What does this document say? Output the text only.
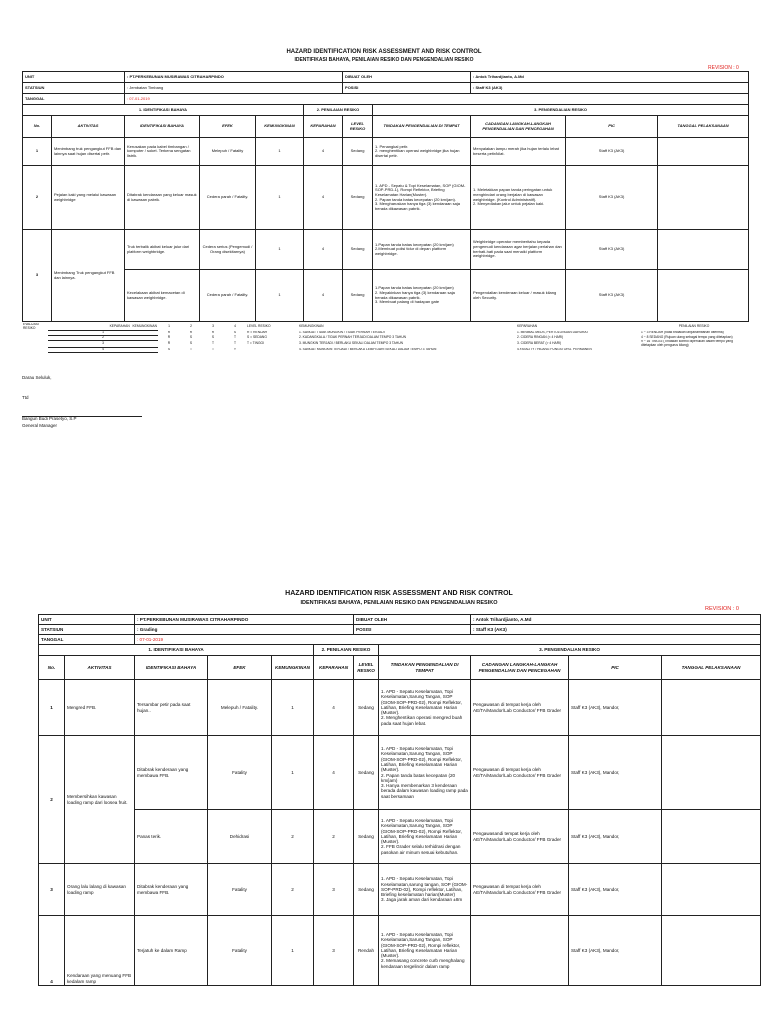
HAZARD IDENTIFICATION RISK ASSESSMENT AND RISK CONTROL
IDENTIFIKASI BAHAYA, PENILAIAN RESIKO DAN PENGENDALIAN RESIKO
REVISION : 0
UNIT		: PT.PERKEBUNAN MUSIRAWAS CITRAHARPINDO				DIBUAT OLEH		: Antok Trihardjianto, A.Md		
STATSIUN		: Jembatan Timbang				POSISI		: Staff K3 (AK3)		
TANGGAL		: 07-01-2019								
1. IDENTIFIKASI BAHAYA					2. PENILAIAN RESIKO		3. PENGENDALIAN RESIKO			
No.	AKTIVITAS	IDENTIFIKASI BAHAYA	EFEK	KEMUNGKINAN	KEPARAHAN	LEVEL RESIKO	TINDAKAN PENGENDALIAN DI TEMPAT	CADANGAN LANGKAH-LANGKAH PENGENDALIAN DAN PENCEGAHAN	PIC	TANGGAL PELAKSANAAN
1	Menimbang truk pengangkut FFB dan lainnya saat hujan disertai petir.	Kerusakan pada kabel timbangan / komputer / soket. Terkena sengatan listrik.	Melepuh / Fatality	1	4	Sedang	1. Penangkal petir.
2. menghentikan operasi weighbridge jika hujan disertai petir.	Menyalakan lampu merah jika hujan terlalu lebat beserta petir/kilat.	Staff K3 (AK3)	
2	Pejalan kaki yang melalui kawasan weighbridge	Ditabrak kendaraan yang keluar masuk di kawasan pabrik.	Cedera parah / Fatality.	1	4	Sedang	1. APD - Sepatu & Topi Keselamatan, SOP (GIOM-SOP-PRD-1), Rompi Reflektor, Briefing Keselamatan Harian(Muster).
2. Papan tanda batas kecepatan (20 km/jam).
3. Mengharuskan hanya tiga (3) kendaraan saja berada dikawasan pabrik.	1. Meletakkan papan tanda peringatan untuk menghindari orang berjalan di kawasan weighbridge. (Kontrol Administratif).
2. Menyediakan jalur untuk pejalan kaki.	Staff K3 (AK3)	
3	Menimbang Truk pengangkut FFB dan lainnya.	Truk terbalik akibat keluar jalur dari platform weighbridge.	Cedera serius (Pengemudi / Orang disekitarnya)	1	4	Sedang	1.Papan tanda batas kecepatan (20 km/jam)
2.Membuat polisi tidur di depan platform weighbridge.	Weighbridge operator memberitahu kepada pengemudi kendaraan agar berjalan perlahan dan berhati-hati pada saat menaiki platform weighbridge.	Staff K3 (AK3)	
		Kecelakaan akibat kemacetan di kawasan weighbridge.	Cedera parah / Fatality.	1	4	Sedang	1.Papan tanda batas kecepatan (20 km/jam)
2. Meyakinkan hanya tiga (3) kendaraan saja berada dikawasan pabrik.
3. Membuat palang di hadapan gate	Pengendalian kenderaan keluar / masuk kilang oleh Security.	Staff K3 (AK3)	
EVALUASI RESIKO	KEPARAHAN KEMUNGKINAN	1	2	3	4	LEVEL RESIKO	KEMUNGKINAN	KEPARAHAN	PENILAIAN RESIKO
	1	R	R	R	S	R = RENDAH	1. SANGAT TIDAK MUNGKIN / TIDAK PERNAH TERJADI	1. MINIMAL MEDS, PERTOLONGAN DARURAT	1 ~ 3 RENDAH (tidak tindakan lanjut/tambahan diterima)
	2	R	S	S	T	S = SEDANG	2. KADANGKALA / TIDAK PERNAH TERJADI DALAM TEMPO 3 TAHUN	2. CIDERA RINGAN (< 4 HARI)	4 ~ 8 SEDANG (Rujuan ulang sebagai tempo yang ditetapkan)
	3	R	S	T	T	T = TINGGI	3. MUNGKIN TERJADI / BERLAKU SEKALI DALAM TEMPO 3 TAHUN	3. CIDERA BERAT (> 4 HARI)	9 ~ 16 TINGGI (Tindakan kontrol diperlukan dalam tempo yang ditetapkan oleh pengurus kilang)
	4	S	T	T	Y		4. SANGAT MUNGKIN TERJADI / BERLAKU LEBIH DARI SEKALI DALAM TEMPO 3 TAHUN	4.FATALITY / HILANG FUNGSI ORG. PERMANEN	
Darau Seluluk,
Ttd
Bangun Budi Prasetyo, S.P
General Manager
HAZARD IDENTIFICATION RISK ASSESSMENT AND RISK CONTROL
IDENTIFIKASI BAHAYA, PENILAIAN RESIKO DAN PENGENDALIAN RESIKO
REVISION : 0
UNIT		: PT.PERKEBUNAN MUSIRAWAS CITRAHARPINDO				DIBUAT OLEH		: Antok Trihardjianto, A.Md		
STATSIUN		: Grading				POSISI		: Staff K3 (AK3)		
TANGGAL		: 07-01-2019								
1. IDENTIFIKASI BAHAYA					2. PENILAIAN RESIKO		3. PENGENDALIAN RESIKO			
No.	AKTIVITAS	IDENTIFIKASI BAHAYA	EFEK	KEMUNGKINAN	KEPARAHAN	LEVEL RESIKO	TINDAKAN PENGENDALIAN DI TEMPAT	CADANGAN LANGKAH-LANGKAH PENGENDALIAN DAN PENCEGAHAN	PIC	TANGGAL PELAKSANAAN
1	Mengred FFB.	Tersambar petir pada saat hujan..	Melepuh / Fatality.	1	4	Sedang	1. APD - Sepatu Keselamatan, Topi Keselamatan,Sarung Tangan, SOP (GIOM-SOP-PRD-02), Rompi Reflektor, Latihan, Briefing Keselamatan Harian (Muster).
2. Menghentikan operasi mengred buah pada saat hujan lebat.	Pengawasan di tempat kerja oleh AE/TA/Mandor/Lab Conductor/ FFB Grader	Staff K3 (AK3), Mandor,	
2	Membersihkan kawasan loading ramp dari loosea fruit.	Ditabrak kenderaan yang membawa FFB.	Fatality	1	4	Sedang	1. APD - Sepatu Keselamatan, Topi Keselamatan,Sarung Tangan, SOP (GIOM-SOP-PRD-02), Rompi Reflektor, Latihan, Briefing Keselamatan Harian (Muster).
2. Papan tanda batas kecepatan (20 km/jam)
3. Hanya membenarkan 3 kenderaan berada dalam kawasan loading ramp pada saat bersamaan	Pengawasan di tempat kerja oleh AE/TA/Mandor/Lab Conductor/ FFB Grader	Staff K3 (AK3), Mandor,	
		Panas terik.	Dehidrasi	2	2	Sedang	1. APD - Sepatu Keselamatan, Topi Keselamatan,Sarung Tangan, SOP (GIOM-SOP-PRD-02), Rompi Reflektor, Latihan, Briefing Keselamatan Harian (Muster).
2. FFB Grader selalu terhidrasi dengan pasokan air minum sesuai kebutuhan.	Pengawasandi tempat kerja oleh AE/TA/Mandor/Lab Conductor/ FFB Grader	Staff K3 (AK3), Mandor,	
3	Orang lalu lalang di kawasan loading ramp	Ditabrak kenderaan yang membawa FFB.	Fatality	2	3	Sedang	1. APD - Sepatu Keselamatan, Topi Keselamatan,sarung tangan, SOP (GIOM-SOP-PRD-02), Rompi reflektor, Latihan, Briefing keselamatan harian(Muster)
3. Jaga jarak aman dari kendaraan ±8m	Pengawasan di tempat kerja oleh AE/TA/Mandor/Lab Conductor/ FFB Grader	Staff K3 (AK3), Mandor,	
4	Kendaraan yang menuang FFB kedalam ramp	Terjatuh ke dalam Ramp	Fatality	1	3	Rendah	1. APD - Sepatu Keselamatan, Topi Keselamatan,Sarung Tangan, SOP (GIOM-SOP-PRD-02), Rompi reflektor, Latihan, Briefing Keselamatan Harian (Muster).
2. Memasang concrete curb menghalang kendaraan tergelincir dalam ramp		Staff K3 (AK3), Mandor,	
